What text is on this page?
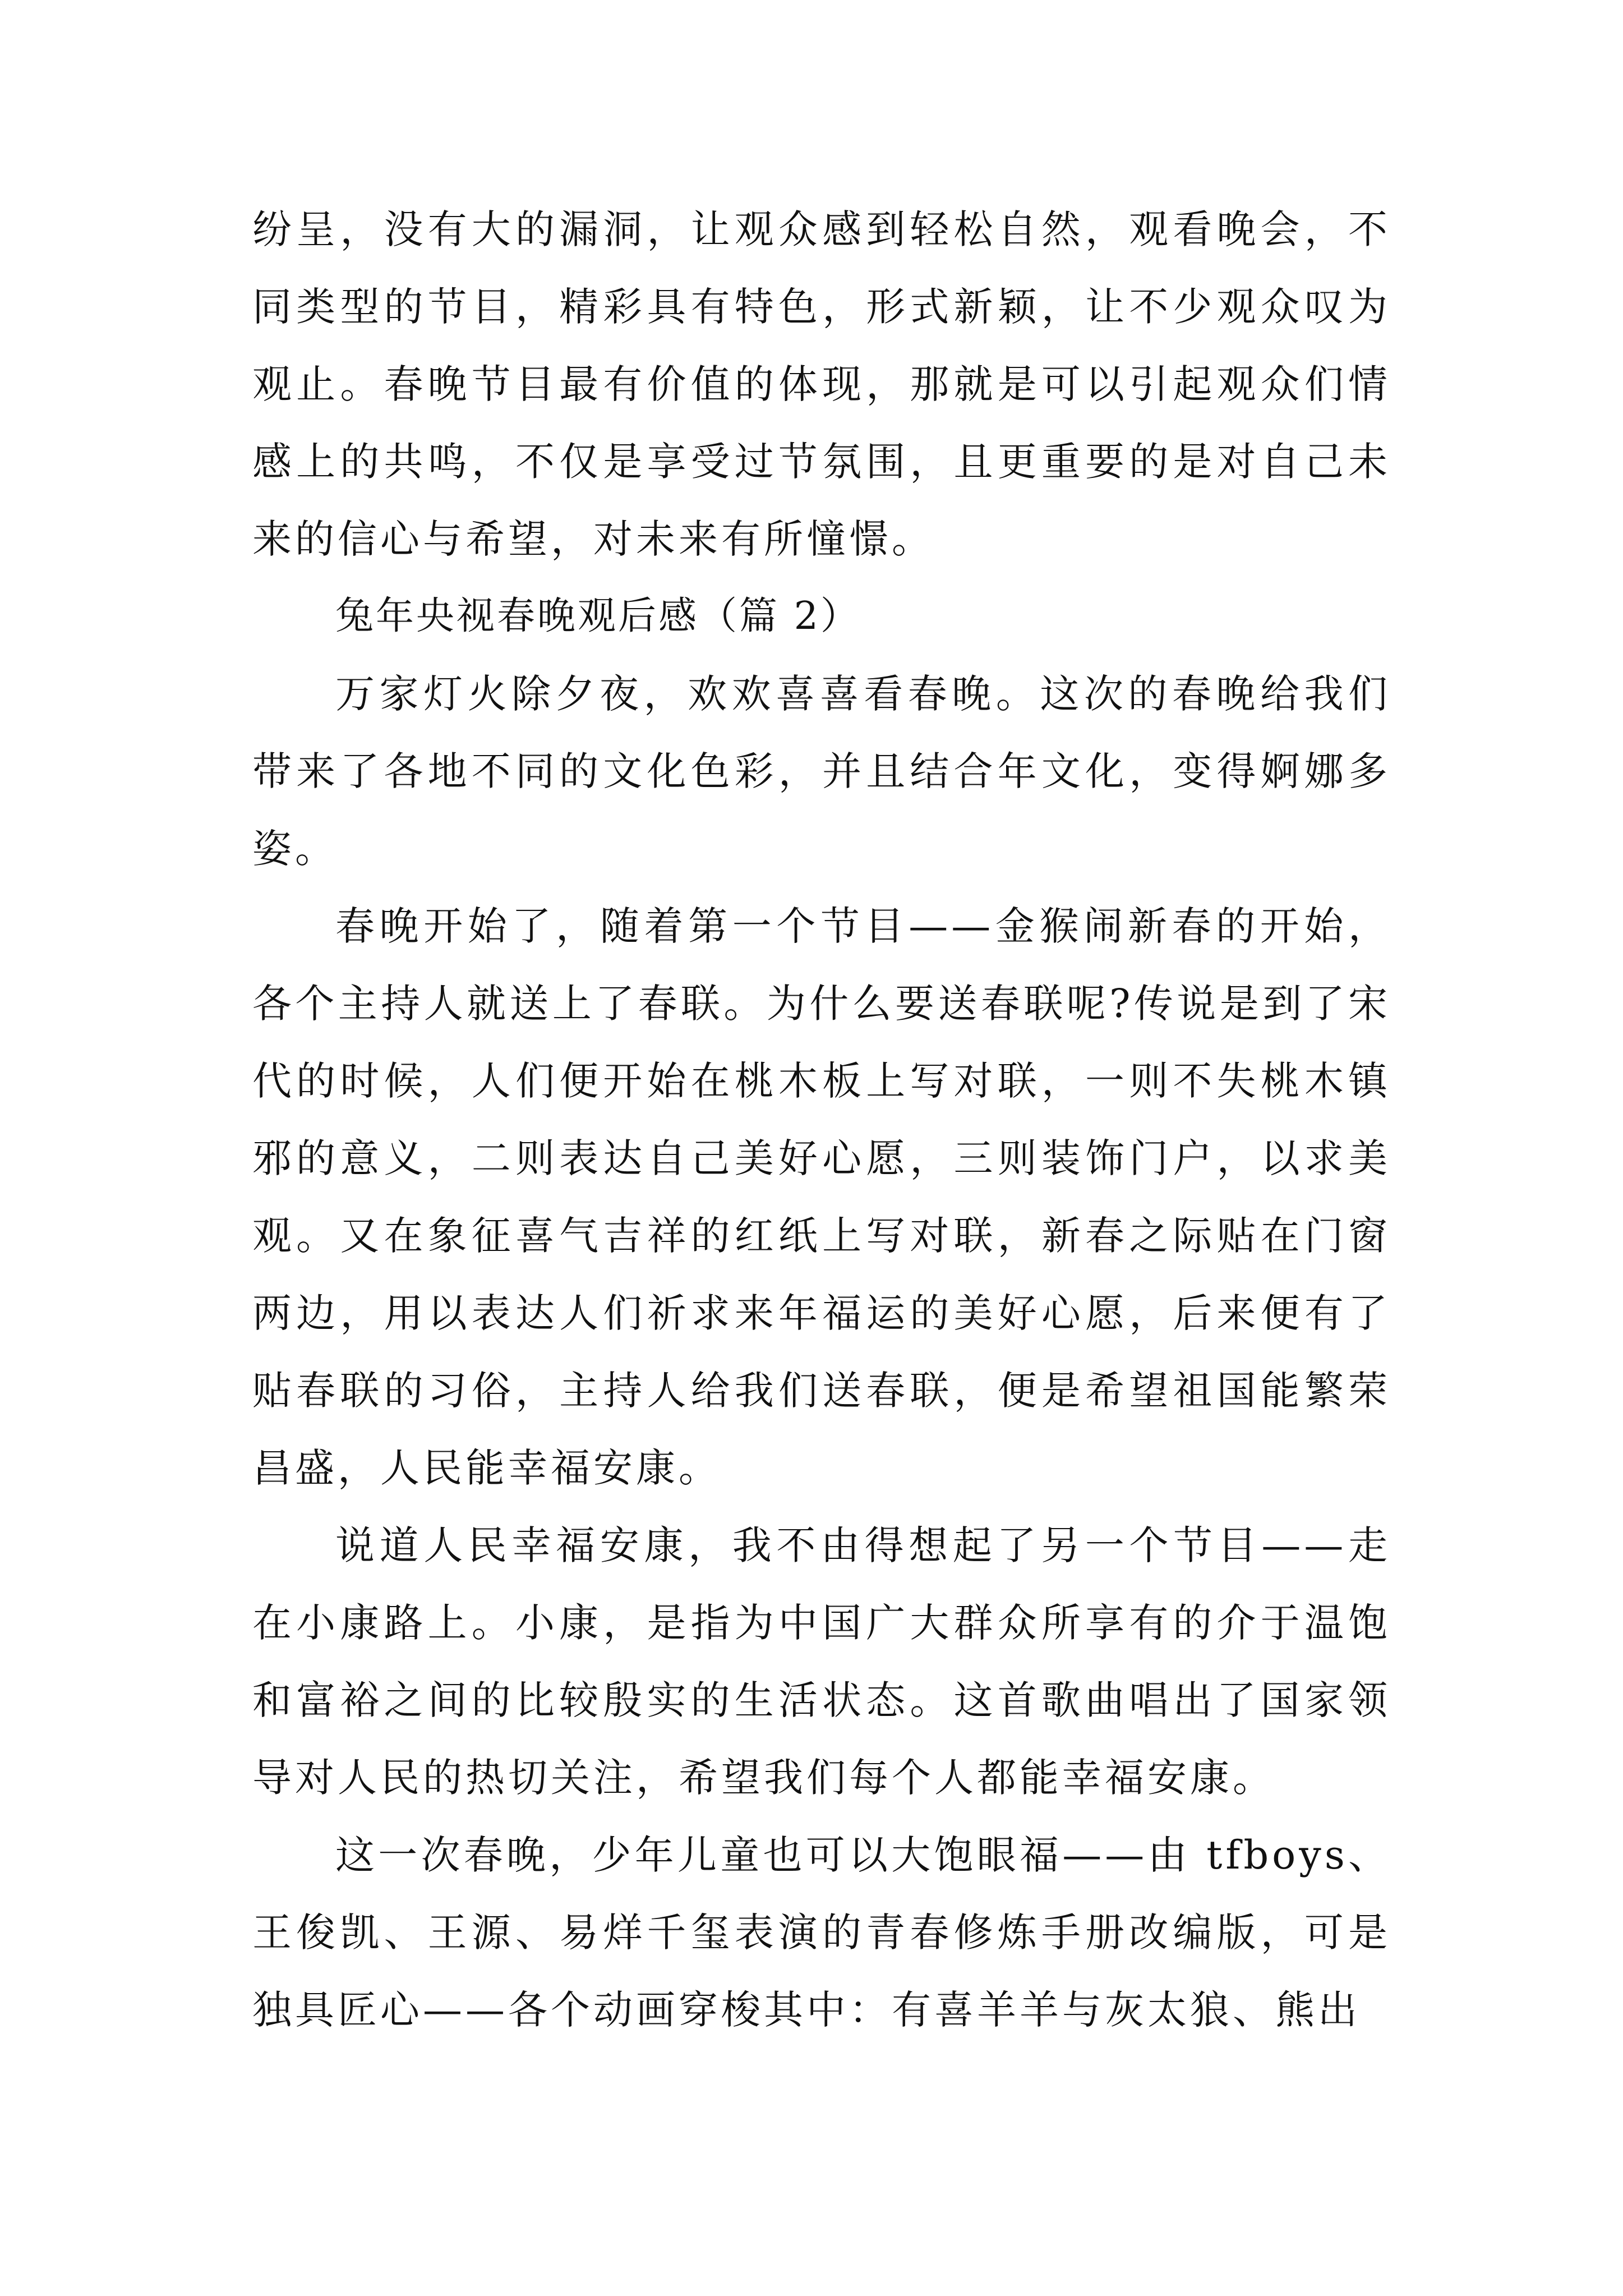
纷呈，没有大的漏洞，让观众感到轻松自然，观看晚会，不同类型的节目，精彩具有特色，形式新颖，让不少观众叹为观止。春晚节目最有价值的体现，那就是可以引起观众们情感上的共鸣，不仅是享受过节氛围，且更重要的是对自己未来的信心与希望，对未来有所憧憬。

兔年央视春晚观后感（篇 2）

万家灯火除夕夜，欢欢喜喜看春晚。这次的春晚给我们带来了各地不同的文化色彩，并且结合年文化，变得婀娜多姿。

春晚开始了，随着第一个节目——金猴闹新春的开始，各个主持人就送上了春联。为什么要送春联呢?传说是到了宋代的时候，人们便开始在桃木板上写对联，一则不失桃木镇邪的意义，二则表达自己美好心愿，三则装饰门户，以求美观。又在象征喜气吉祥的红纸上写对联，新春之际贴在门窗两边，用以表达人们祈求来年福运的美好心愿，后来便有了贴春联的习俗，主持人给我们送春联，便是希望祖国能繁荣昌盛，人民能幸福安康。

说道人民幸福安康，我不由得想起了另一个节目——走在小康路上。小康，是指为中国广大群众所享有的介于温饱和富裕之间的比较殷实的生活状态。这首歌曲唱出了国家领导对人民的热切关注，希望我们每个人都能幸福安康。

这一次春晚，少年儿童也可以大饱眼福——由 tfboys、王俊凯、王源、易烊千玺表演的青春修炼手册改编版，可是独具匠心——各个动画穿梭其中：有喜羊羊与灰太狼、熊出
